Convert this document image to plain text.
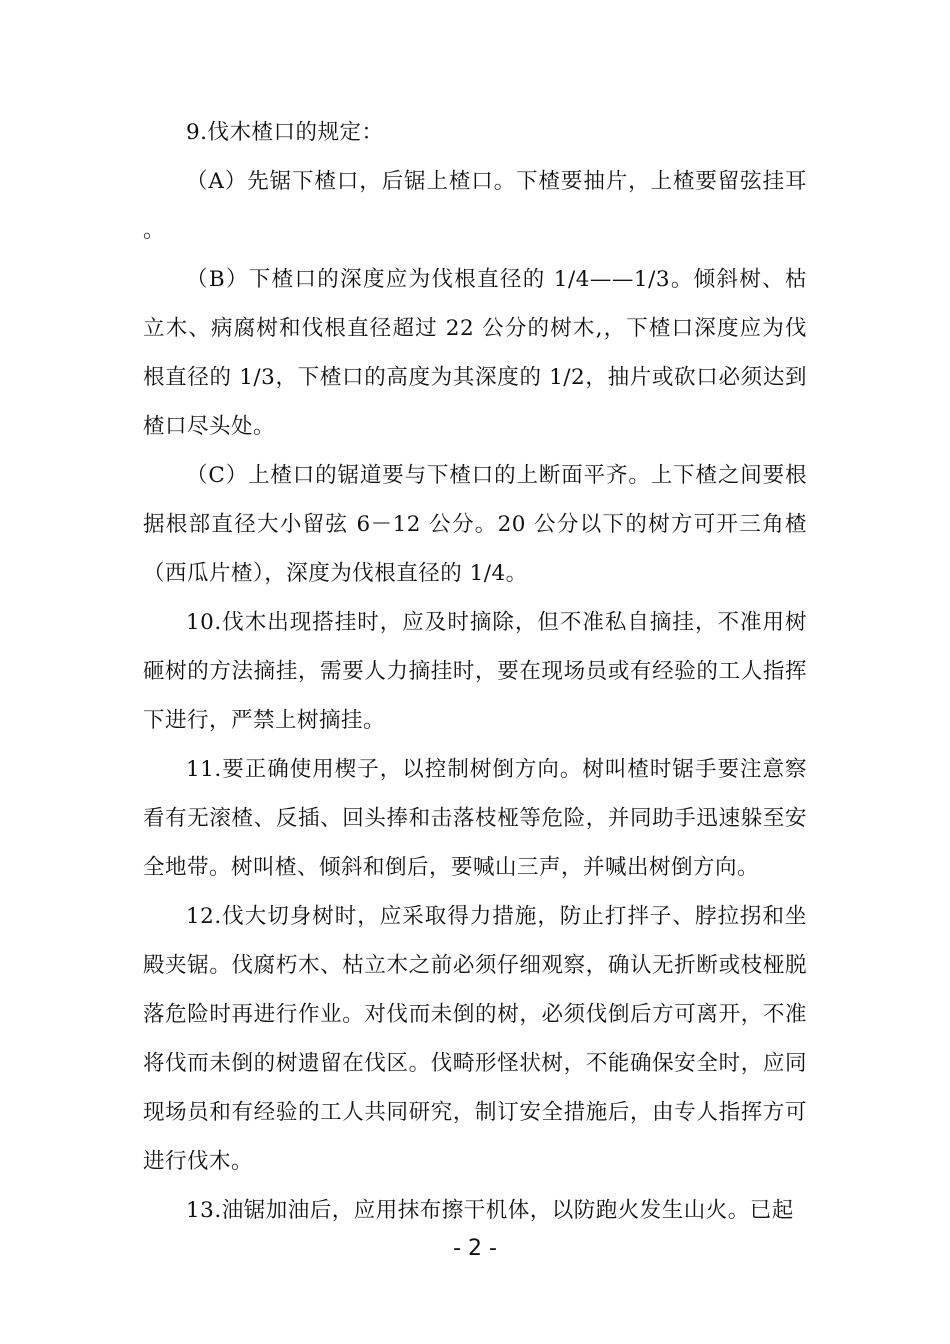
9.伐木楂口的规定：

（A）先锯下楂口，后锯上楂口。下楂要抽片，上楂要留弦挂耳。

（B）下楂口的深度应为伐根直径的 1/4——1/3。倾斜树、枯立木、病腐树和伐根直径超过 22 公分的树木,，下楂口深度应为伐根直径的 1/3，下楂口的高度为其深度的 1/2，抽片或砍口必须达到楂口尽头处。

（C）上楂口的锯道要与下楂口的上断面平齐。上下楂之间要根据根部直径大小留弦 6－12 公分。20 公分以下的树方可开三角楂（西瓜片楂），深度为伐根直径的 1/4。

10.伐木出现搭挂时，应及时摘除，但不准私自摘挂，不准用树砸树的方法摘挂，需要人力摘挂时，要在现场员或有经验的工人指挥下进行，严禁上树摘挂。

11.要正确使用楔子，以控制树倒方向。树叫楂时锯手要注意察看有无滚楂、反插、回头捧和击落枝桠等危险，并同助手迅速躲至安全地带。树叫楂、倾斜和倒后，要喊山三声，并喊出树倒方向。

12.伐大切身树时，应采取得力措施，防止打拌子、脖拉拐和坐殿夹锯。伐腐朽木、枯立木之前必须仔细观察，确认无折断或枝桠脱落危险时再进行作业。对伐而未倒的树，必须伐倒后方可离开，不准将伐而未倒的树遗留在伐区。伐畸形怪状树，不能确保安全时，应同现场员和有经验的工人共同研究，制订安全措施后，由专人指挥方可进行伐木。

13.油锯加油后，应用抹布擦干机体，以防跑火发生山火。已起

- 2 -
